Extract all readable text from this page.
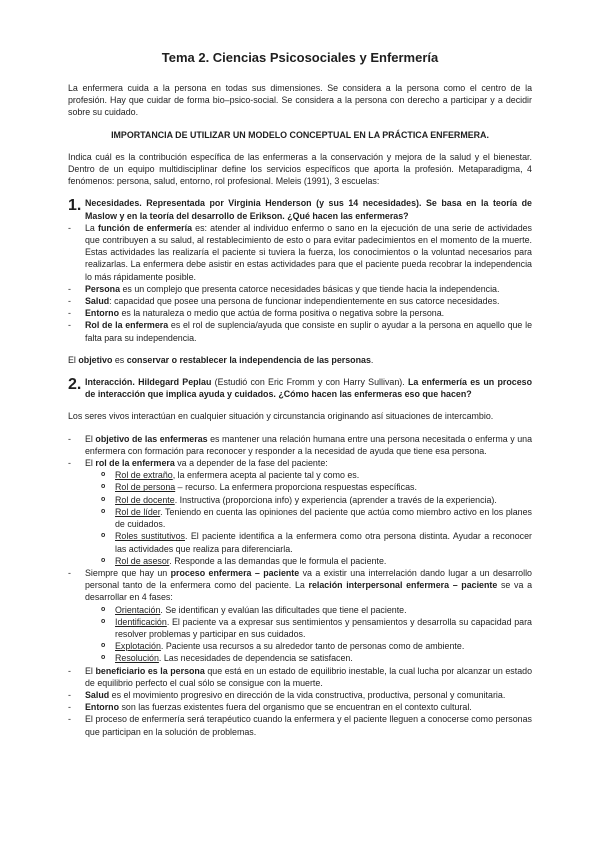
Tema 2. Ciencias Psicosociales y Enfermería

La enfermera cuida a la persona en todas sus dimensiones. Se considera a la persona como el centro de la profesión. Hay que cuidar de forma bio–psico-social. Se considera a la persona con derecho a participar y a decidir sobre su cuidado.

IMPORTANCIA DE UTILIZAR UN MODELO CONCEPTUAL EN LA PRÁCTICA ENFERMERA.

Indica cuál es la contribución específica de las enfermeras a la conservación y mejora de la salud y el bienestar. Dentro de un equipo multidisciplinar define los servicios específicos que aporta la profesión. Metaparadigma, 4 fenómenos: persona, salud, entorno, rol profesional. Meleis (1991), 3 escuelas:

1. Necesidades. Representada por Virginia Henderson (y sus 14 necesidades). Se basa en la teoría de Maslow y en la teoría del desarrollo de Erikson. ¿Qué hacen las enfermeras?
-	La función de enfermería es: atender al individuo enfermo o sano en la ejecución de una serie de actividades que contribuyen a su salud, al restablecimiento de esto o para evitar padecimientos en el momento de la muerte. Estas actividades las realizaría el paciente si tuviera la fuerza, los conocimientos o la voluntad necesarios para realizarlas. La enfermera debe asistir en estas actividades para que el paciente pueda recobrar la independencia lo más rápidamente posible.
-	Persona es un complejo que presenta catorce necesidades básicas y que tiende hacia la independencia.
-	Salud: capacidad que posee una persona de funcionar independientemente en sus catorce necesidades.
-	Entorno es la naturaleza o medio que actúa de forma positiva o negativa sobre la persona.
-	Rol de la enfermera es el rol de suplencia/ayuda que consiste en suplir o ayudar a la persona en aquello que le falta para su independencia.

El objetivo es conservar o restablecer la independencia de las personas.

2. Interacción. Hildegard Peplau (Estudió con Eric Fromm y con Harry Sullivan). La enfermería es un proceso de interacción que implica ayuda y cuidados. ¿Cómo hacen las enfermeras eso que hacen?

Los seres vivos interactúan en cualquier situación y circunstancia originando así situaciones de intercambio.

-	El objetivo de las enfermeras es mantener una relación humana entre una persona necesitada o enferma y una enfermera con formación para reconocer y responder a la necesidad de ayuda que tiene esa persona.
-	El rol de la enfermera va a depender de la fase del paciente:
o	Rol de extraño, la enfermera acepta al paciente tal y como es.
o	Rol de persona – recurso. La enfermera proporciona respuestas específicas.
o	Rol de docente. Instructiva (proporciona info) y experiencia (aprender a través de la experiencia).
o	Rol de líder. Teniendo en cuenta las opiniones del paciente que actúa como miembro activo en los planes de cuidados.
o	Roles sustitutivos. El paciente identifica a la enfermera como otra persona distinta. Ayudar a reconocer las actividades que realiza para diferenciarla.
o	Rol de asesor. Responde a las demandas que le formula el paciente.
-	Siempre que hay un proceso enfermera – paciente va a existir una interrelación dando lugar a un desarrollo personal tanto de la enfermera como del paciente. La relación interpersonal enfermera – paciente se va a desarrollar en 4 fases:
o	Orientación. Se identifican y evalúan las dificultades que tiene el paciente.
o	Identificación. El paciente va a expresar sus sentimientos y pensamientos y desarrolla su capacidad para resolver problemas y participar en sus cuidados.
o	Explotación. Paciente usa recursos a su alrededor tanto de personas como de ambiente.
o	Resolución. Las necesidades de dependencia se satisfacen.
-	El beneficiario es la persona que está en un estado de equilibrio inestable, la cual lucha por alcanzar un estado de equilibrio perfecto el cual sólo se consigue con la muerte.
-	Salud es el movimiento progresivo en dirección de la vida constructiva, productiva, personal y comunitaria.
-	Entorno son las fuerzas existentes fuera del organismo que se encuentran en el contexto cultural.
-	El proceso de enfermería será terapéutico cuando la enfermera y el paciente lleguen a conocerse como personas que participan en la solución de problemas.
